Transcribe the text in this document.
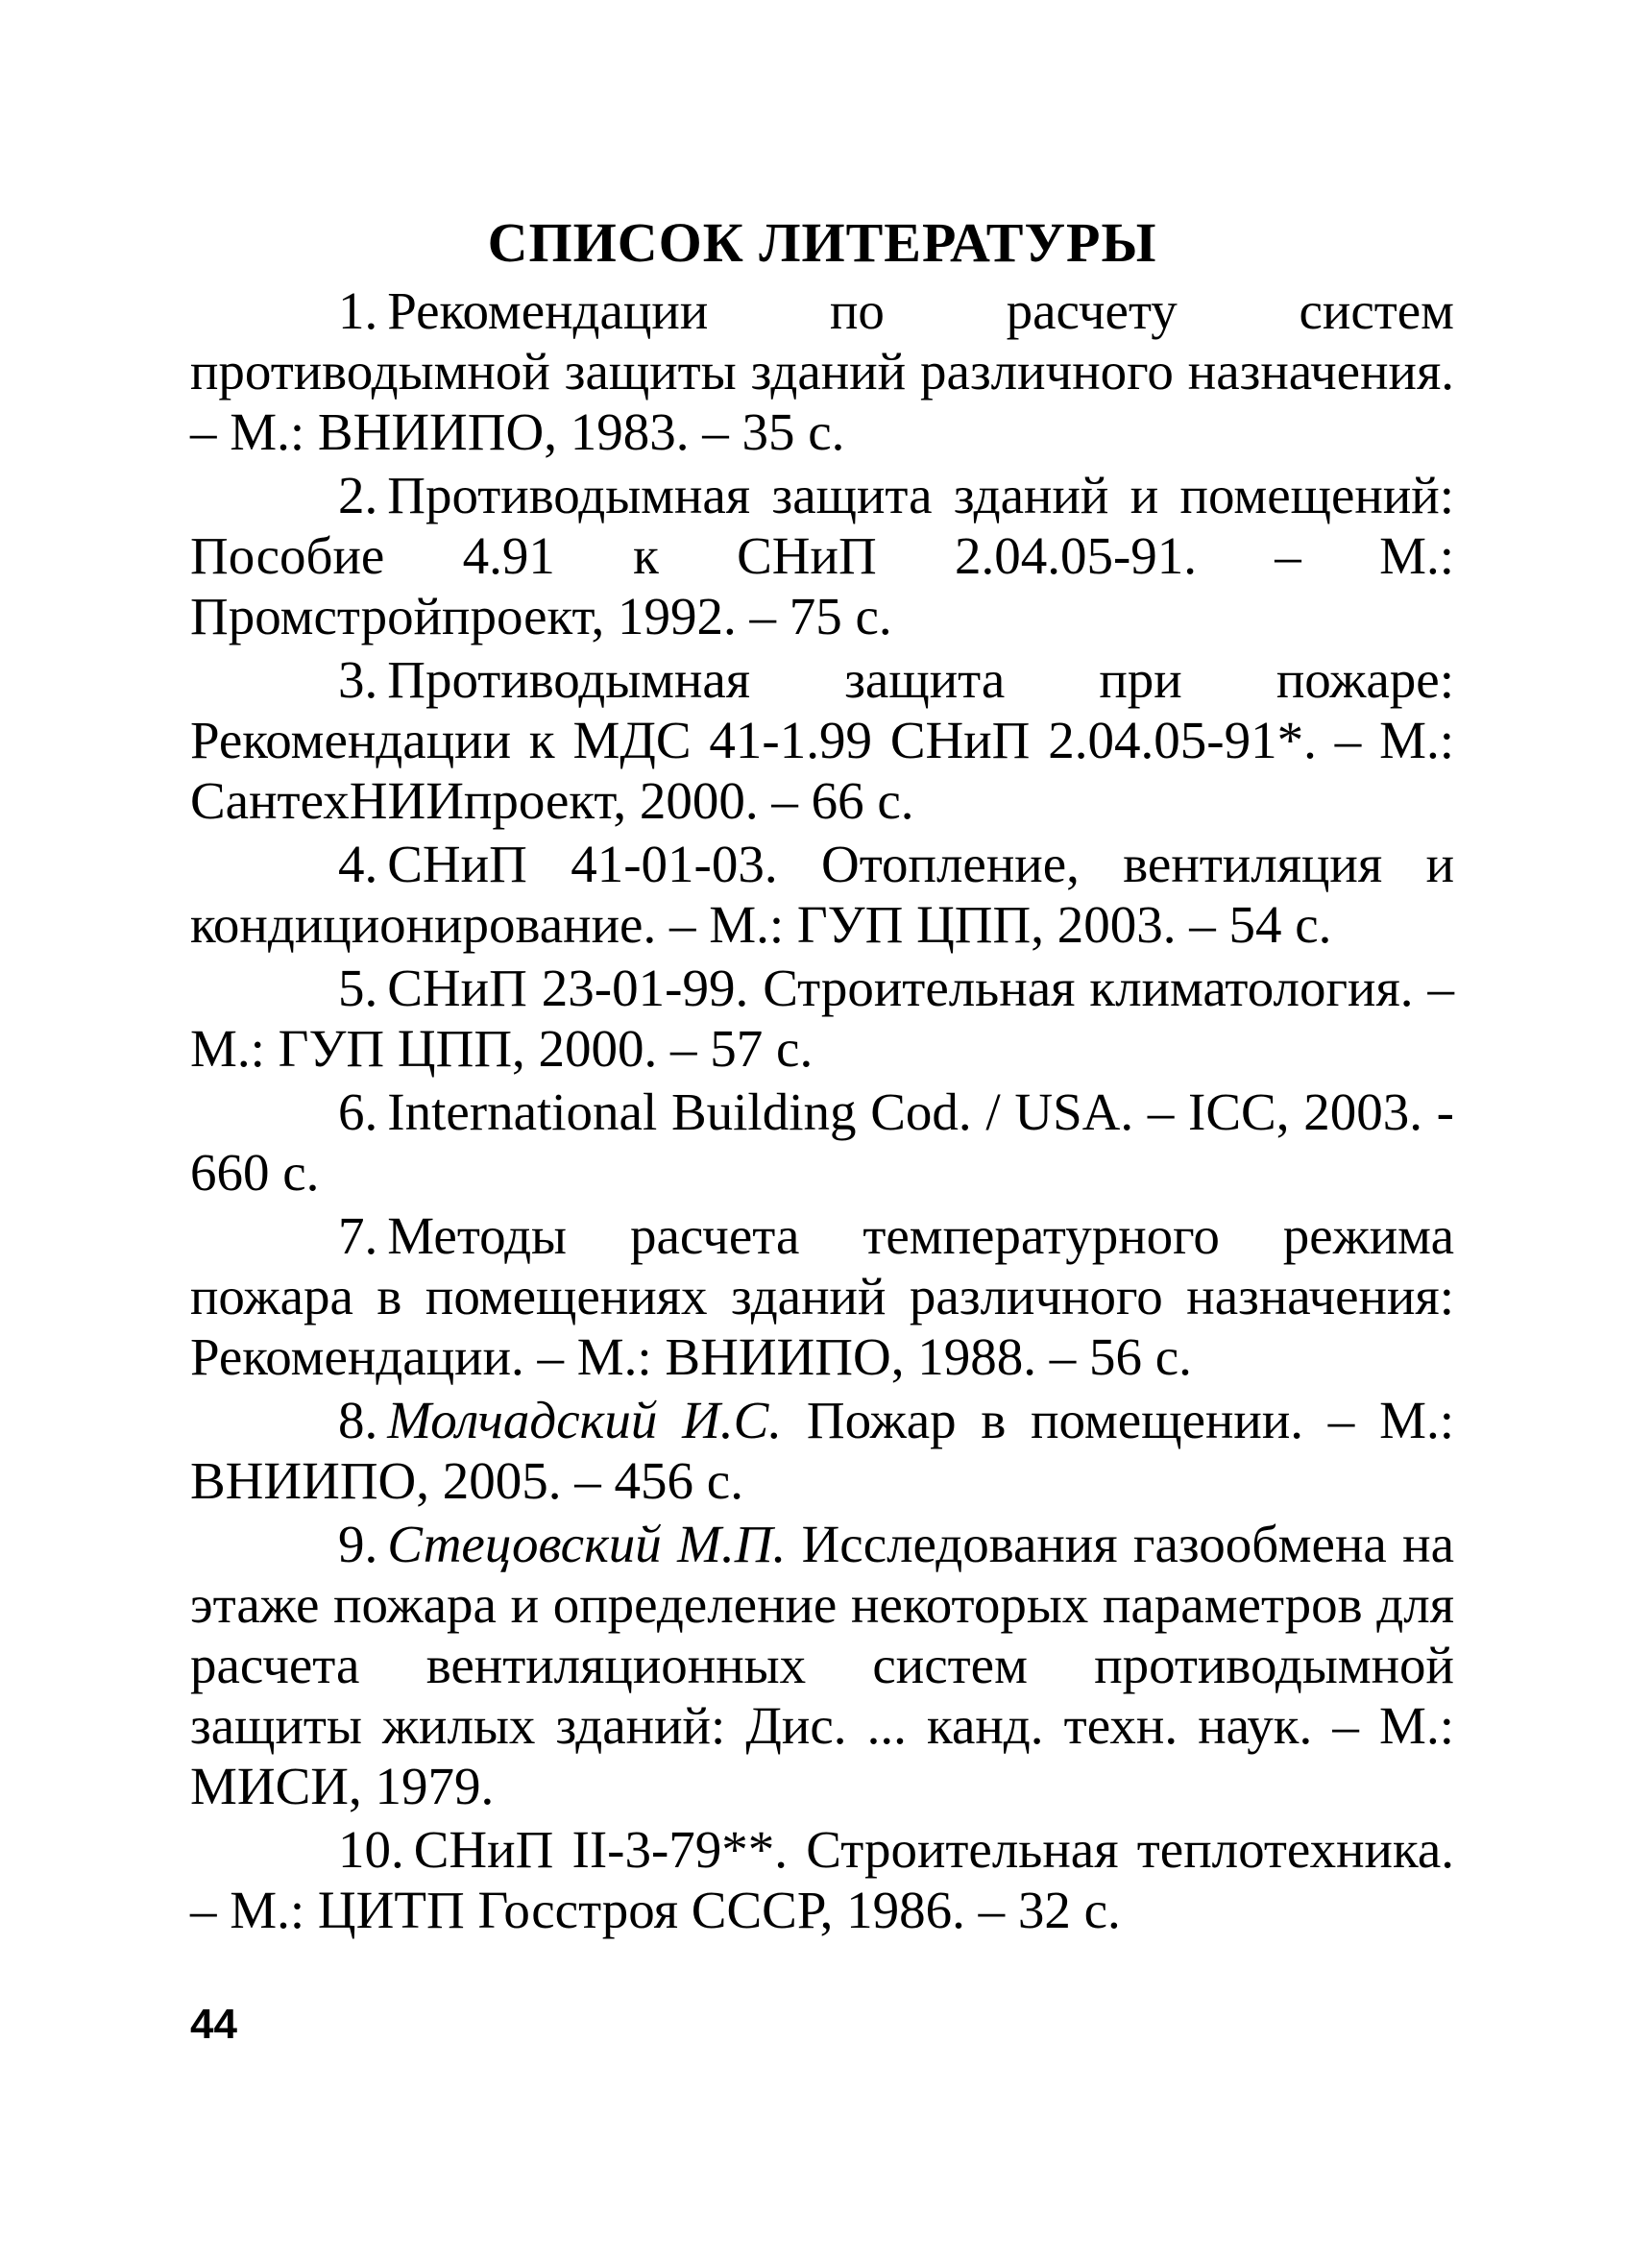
СПИСОК ЛИТЕРАТУРЫ

1. Рекомендации по расчету систем противодымной защиты зданий различного назначения. – М.: ВНИИПО, 1983. – 35 с.

2. Противодымная защита зданий и помещений: Пособие 4.91 к СНиП 2.04.05-91. – М.: Промстройпроект, 1992. – 75 с.

3. Противодымная защита при пожаре: Рекомендации к МДС 41-1.99 СНиП 2.04.05-91*. – М.: СантехНИИпроект, 2000. – 66 с.

4. СНиП 41-01-03. Отопление, вентиляция и кондиционирование. – М.: ГУП ЦПП, 2003. – 54 с.

5. СНиП 23-01-99. Строительная климатология. – М.: ГУП ЦПП, 2000. – 57 с.

6. International Building Cod. / USA. – ICC, 2003. - 660 с.

7. Методы расчета температурного режима пожара в помещениях зданий различного назначения: Рекомендации. – М.: ВНИИПО, 1988. – 56 с.

8. Молчадский И.С. Пожар в помещении. – М.: ВНИИПО, 2005. – 456 с.

9. Стецовский М.П. Исследования газообмена на этаже пожара и определение некоторых параметров для расчета вентиляционных систем противодымной защиты жилых зданий: Дис. ... канд. техн. наук. – М.: МИСИ, 1979.

10. СНиП II-3-79**. Строительная теплотехника. – М.: ЦИТП Госстроя СССР, 1986. – 32 с.

44
